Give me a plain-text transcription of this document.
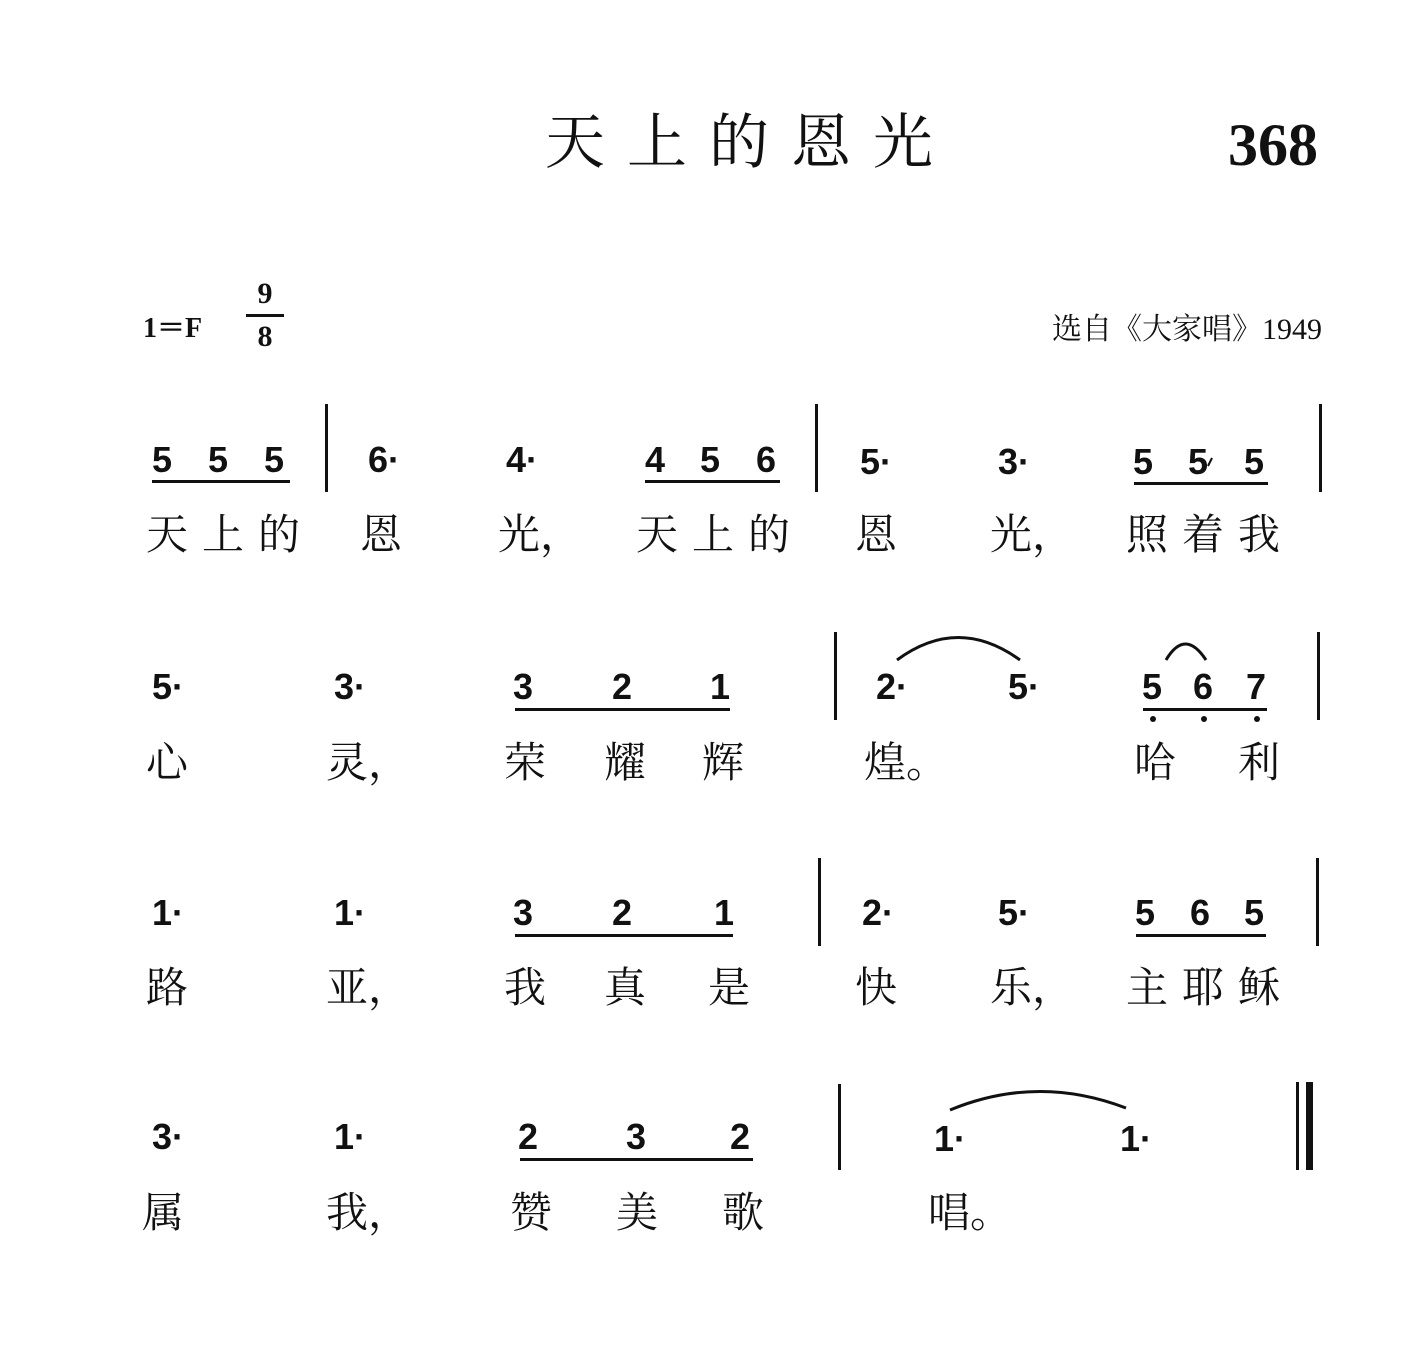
天上的恩光	368
1＝F
9
8	选自《大家唱》1949
5 5 5 6·	4·	4 5 6 5·	3·	5 5 5
天 上 的 恩 光， 天 上 的 恩 光， 照 着 我
5·	3·	3 2 1	2·	5·	5 6 7
心	灵， 荣 耀 辉	煌。	哈 利
1·	1·	3 2 1	2·	5·	5 6 5
路	亚， 我 真 是 快 乐， 主 耶 稣
3·	1·	2 3 2	1·	1·
属	我， 赞 美 歌	唱。
